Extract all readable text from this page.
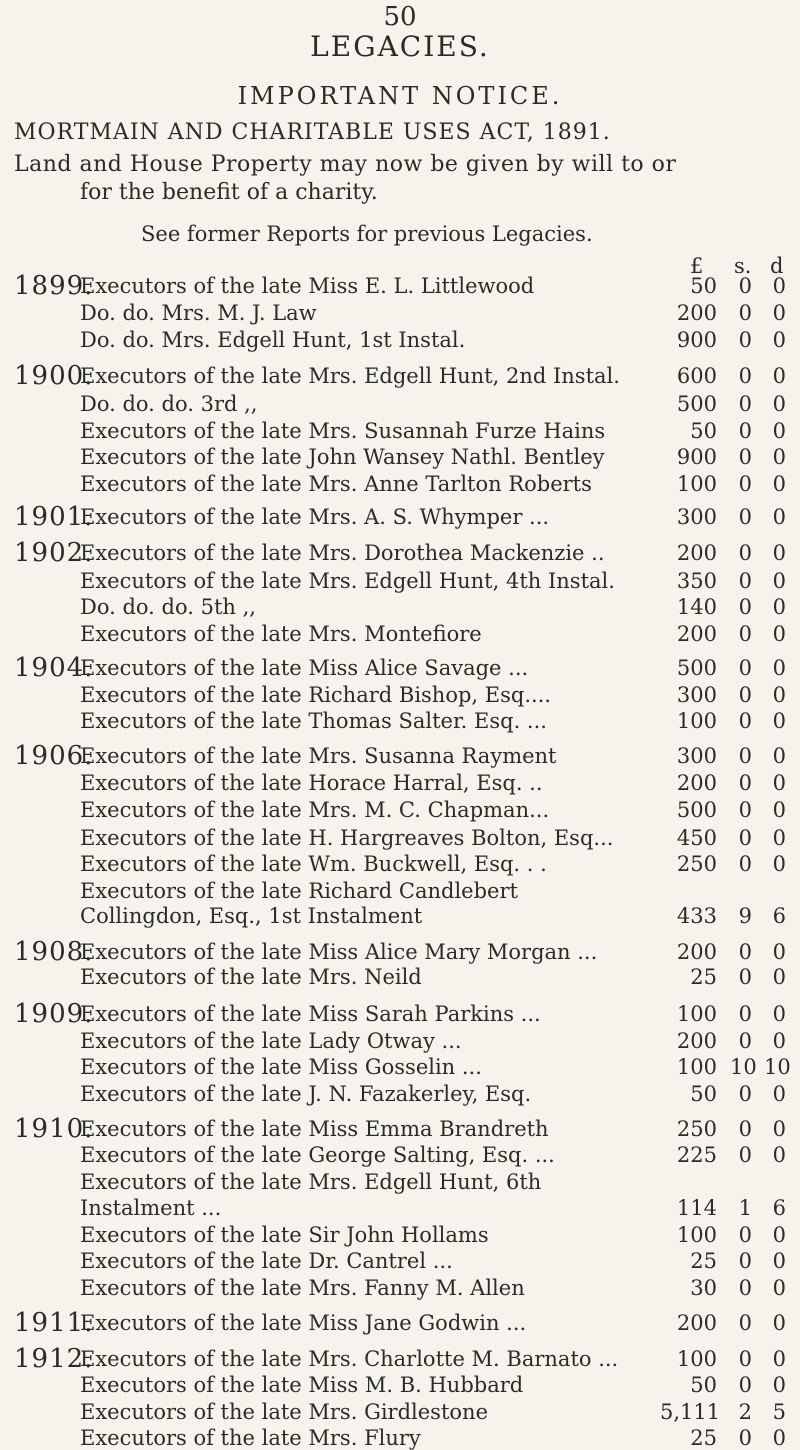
50
LEGACIES.
IMPORTANT NOTICE.
MORTMAIN AND CHARITABLE USES ACT, 1891.
Land and House Property may now be given by will to or
for the benefit of a charity.
See former Reports for previous Legacies.
£ s. d
1899.
Executors of the late Miss E. L. Littlewood	50	0 0
Do. do. Mrs. M. J. Law	200	0 0
Do. do. Mrs. Edgell Hunt, 1st Instal.	900	0 0
1900.
Executors of the late Mrs. Edgell Hunt, 2nd Instal.	600	0 0
Do. do. do. 3rd ,,	500	0 0
Executors of the late Mrs. Susannah Furze Hains	50	0 0
Executors of the late John Wansey Nathl. Bentley	900	0 0
Executors of the late Mrs. Anne Tarlton Roberts	100	0 0
1901.
Executors of the late Mrs. A. S. Whymper ...	300	0 0
1902.
Executors of the late Mrs. Dorothea Mackenzie ..	200	0 0
Executors of the late Mrs. Edgell Hunt, 4th Instal.	350	0 0
Do. do. do. 5th ,,	140	0 0
Executors of the late Mrs. Montefiore	200	0 0
1904.
Executors of the late Miss Alice Savage ...	500	0 0
Executors of the late Richard Bishop, Esq....	300	0 0
Executors of the late Thomas Salter. Esq. ...	100	0 0
1906.
Executors of the late Mrs. Susanna Rayment	300	0 0
Executors of the late Horace Harral, Esq. ..	200	0 0
Executors of the late Mrs. M. C. Chapman...	500	0 0
Executors of the late H. Hargreaves Bolton, Esq...	450	0 0
Executors of the late Wm. Buckwell, Esq. . .	250	0 0
Executors of the late Richard Candlebert
Collingdon, Esq., 1st Instalment	433	9 6
1908.
Executors of the late Miss Alice Mary Morgan ...	200	0 0
Executors of the late Mrs. Neild	25	0 0
1909.
Executors of the late Miss Sarah Parkins ...	100	0 0
Executors of the late Lady Otway ...	200	0 0
Executors of the late Miss Gosselin ...	100 10 10
Executors of the late J. N. Fazakerley, Esq.	50	0 0
1910.
Executors of the late Miss Emma Brandreth	250	0 0
Executors of the late George Salting, Esq. ...	225	0 0
Executors of the late Mrs. Edgell Hunt, 6th
Instalment ...	114	1 6
Executors of the late Sir John Hollams	100	0 0
Executors of the late Dr. Cantrel ...	25	0 0
Executors of the late Mrs. Fanny M. Allen	30	0 0
1911.
Executors of the late Miss Jane Godwin ...	200	0 0
1912.
Executors of the late Mrs. Charlotte M. Barnato ...	100	0 0
Executors of the late Miss M. B. Hubbard	50	0 0
Executors of the late Mrs. Girdlestone	5,111 2 5
Executors of the late Mrs. Flury	25	0 0
